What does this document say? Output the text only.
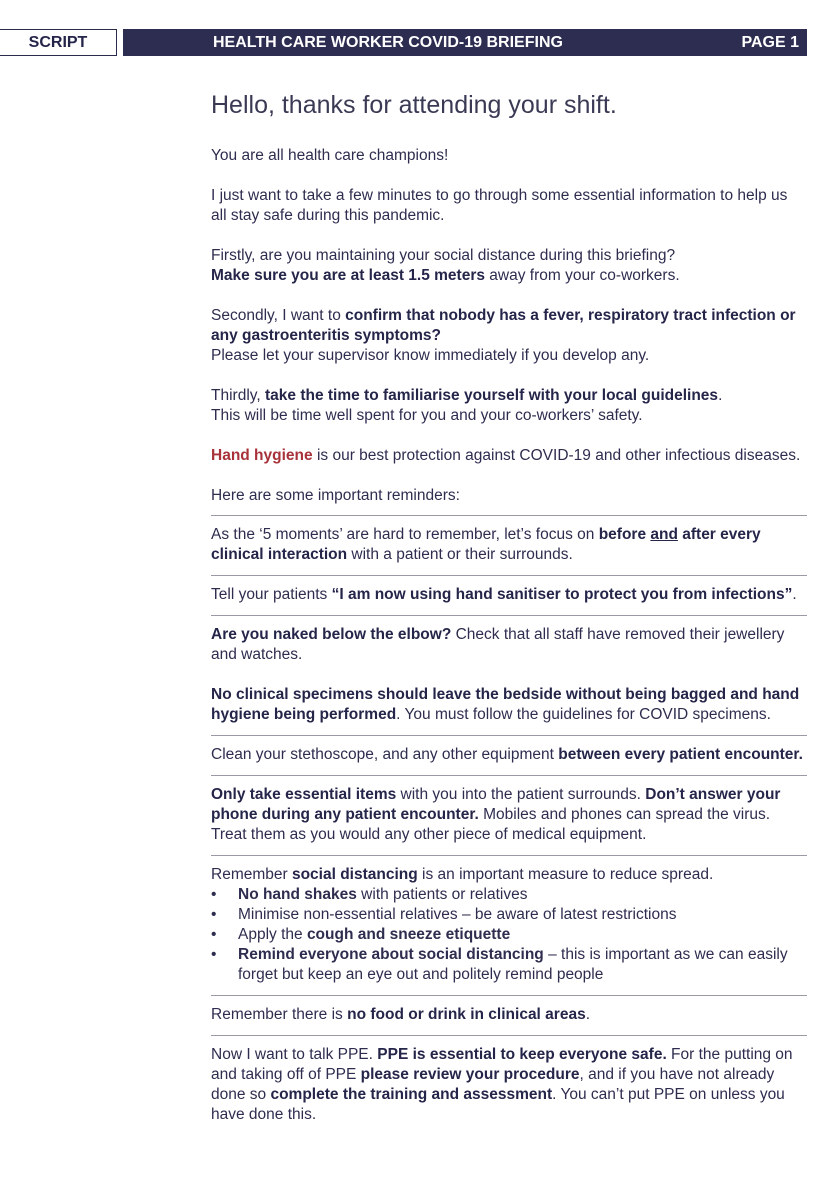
SCRIPT	HEALTH CARE WORKER COVID-19 BRIEFING	PAGE 1
Hello, thanks for attending your shift.

You are all health care champions!

I just want to take a few minutes to go through some essential information to help us all stay safe during this pandemic.

Firstly, are you maintaining your social distance during this briefing?
Make sure you are at least 1.5 meters away from your co-workers.

Secondly, I want to confirm that nobody has a fever, respiratory tract infection or any gastroenteritis symptoms?
Please let your supervisor know immediately if you develop any.

Thirdly, take the time to familiarise yourself with your local guidelines.
This will be time well spent for you and your co-workers’ safety.

Hand hygiene is our best protection against COVID-19 and other infectious diseases.

Here are some important reminders:

As the ‘5 moments’ are hard to remember, let’s focus on before and after every clinical interaction with a patient or their surrounds.

Tell your patients “I am now using hand sanitiser to protect you from infections”.

Are you naked below the elbow? Check that all staff have removed their jewellery and watches.

No clinical specimens should leave the bedside without being bagged and hand hygiene being performed. You must follow the guidelines for COVID specimens.

Clean your stethoscope, and any other equipment between every patient encounter.

Only take essential items with you into the patient surrounds. Don’t answer your phone during any patient encounter. Mobiles and phones can spread the virus. Treat them as you would any other piece of medical equipment.

Remember social distancing is an important measure to reduce spread.

• No hand shakes with patients or relatives
• Minimise non-essential relatives – be aware of latest restrictions
• Apply the cough and sneeze etiquette
• Remind everyone about social distancing – this is important as we can easily forget but keep an eye out and politely remind people

Remember there is no food or drink in clinical areas.

Now I want to talk PPE. PPE is essential to keep everyone safe. For the putting on and taking off of PPE please review your procedure, and if you have not already done so complete the training and assessment. You can’t put PPE on unless you have done this.
